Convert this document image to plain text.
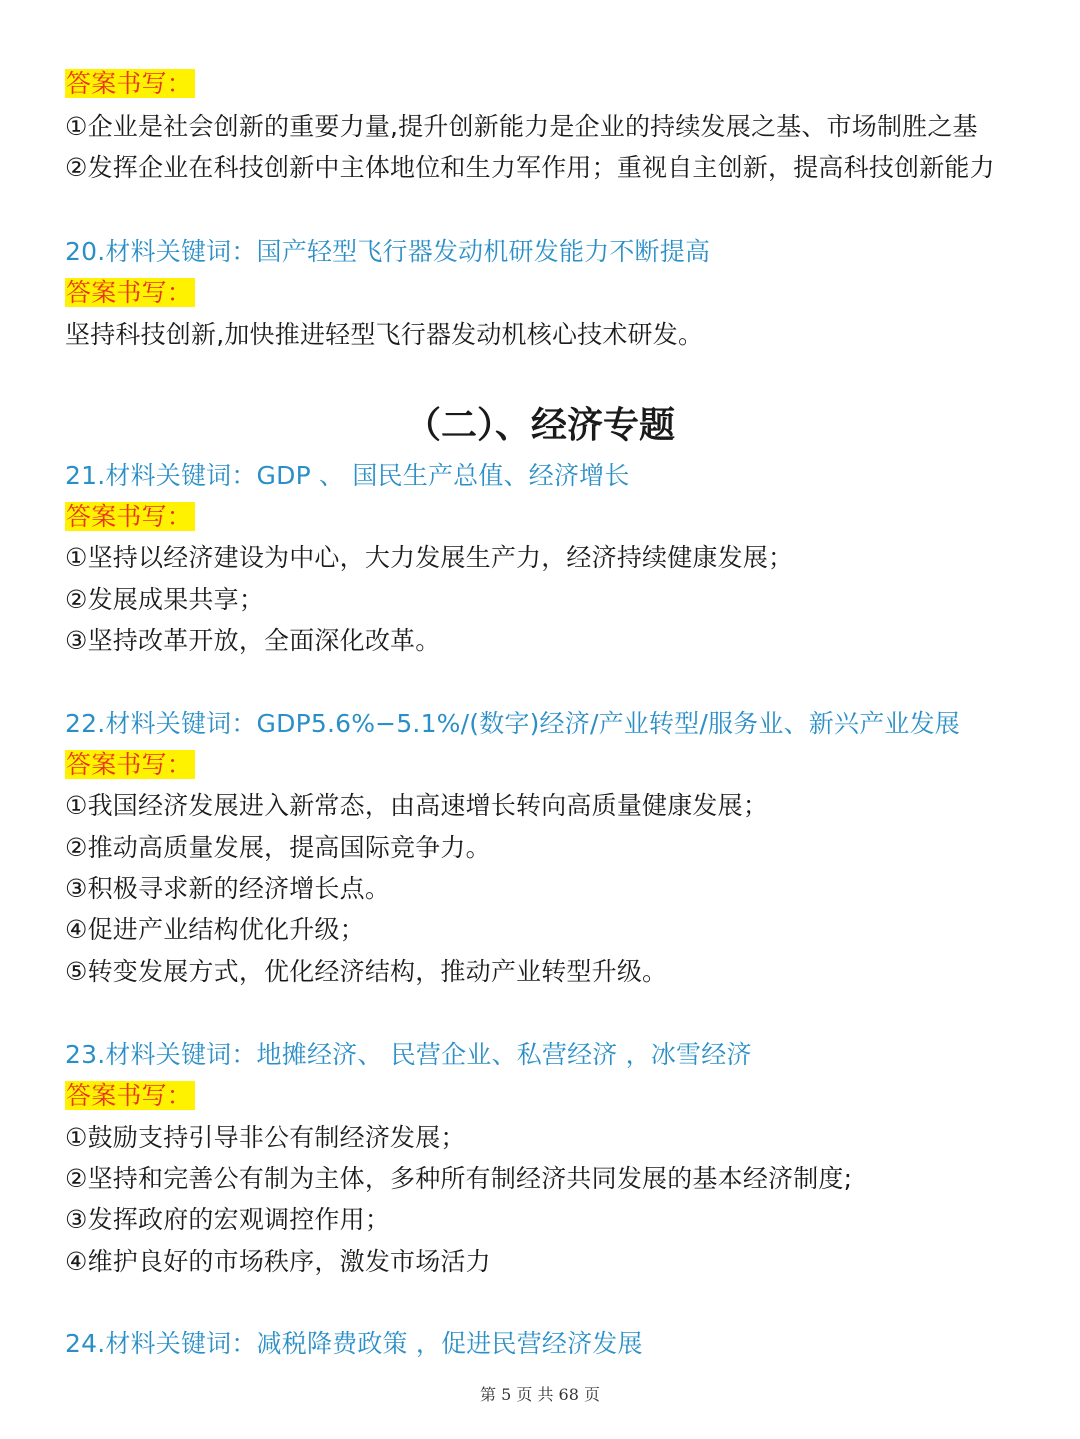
答案书写：
①企业是社会创新的重要力量,提升创新能力是企业的持续发展之基、市场制胜之基
②发挥企业在科技创新中主体地位和生力军作用；重视自主创新，提高科技创新能力
20.材料关键词：国产轻型飞行器发动机研发能力不断提高
答案书写：
坚持科技创新,加快推进轻型飞行器发动机核心技术研发。
（二）、经济专题
21.材料关键词：GDP 、 国民生产总值、经济增长
答案书写：
①坚持以经济建设为中心，大力发展生产力，经济持续健康发展；
②发展成果共享；
③坚持改革开放，全面深化改革。
22.材料关键词：GDP5.6%−5.1%/(数字)经济/产业转型/服务业、新兴产业发展
答案书写：
①我国经济发展进入新常态，由高速增长转向高质量健康发展；
②推动高质量发展，提高国际竞争力。
③积极寻求新的经济增长点。
④促进产业结构优化升级；
⑤转变发展方式，优化经济结构，推动产业转型升级。
23.材料关键词：地摊经济、 民营企业、私营经济 ，冰雪经济
答案书写：
①鼓励支持引导非公有制经济发展；
②坚持和完善公有制为主体，多种所有制经济共同发展的基本经济制度;
③发挥政府的宏观调控作用；
④维护良好的市场秩序，激发市场活力
24.材料关键词：减税降费政策 ，促进民营经济发展
第 5 页 共 68 页
